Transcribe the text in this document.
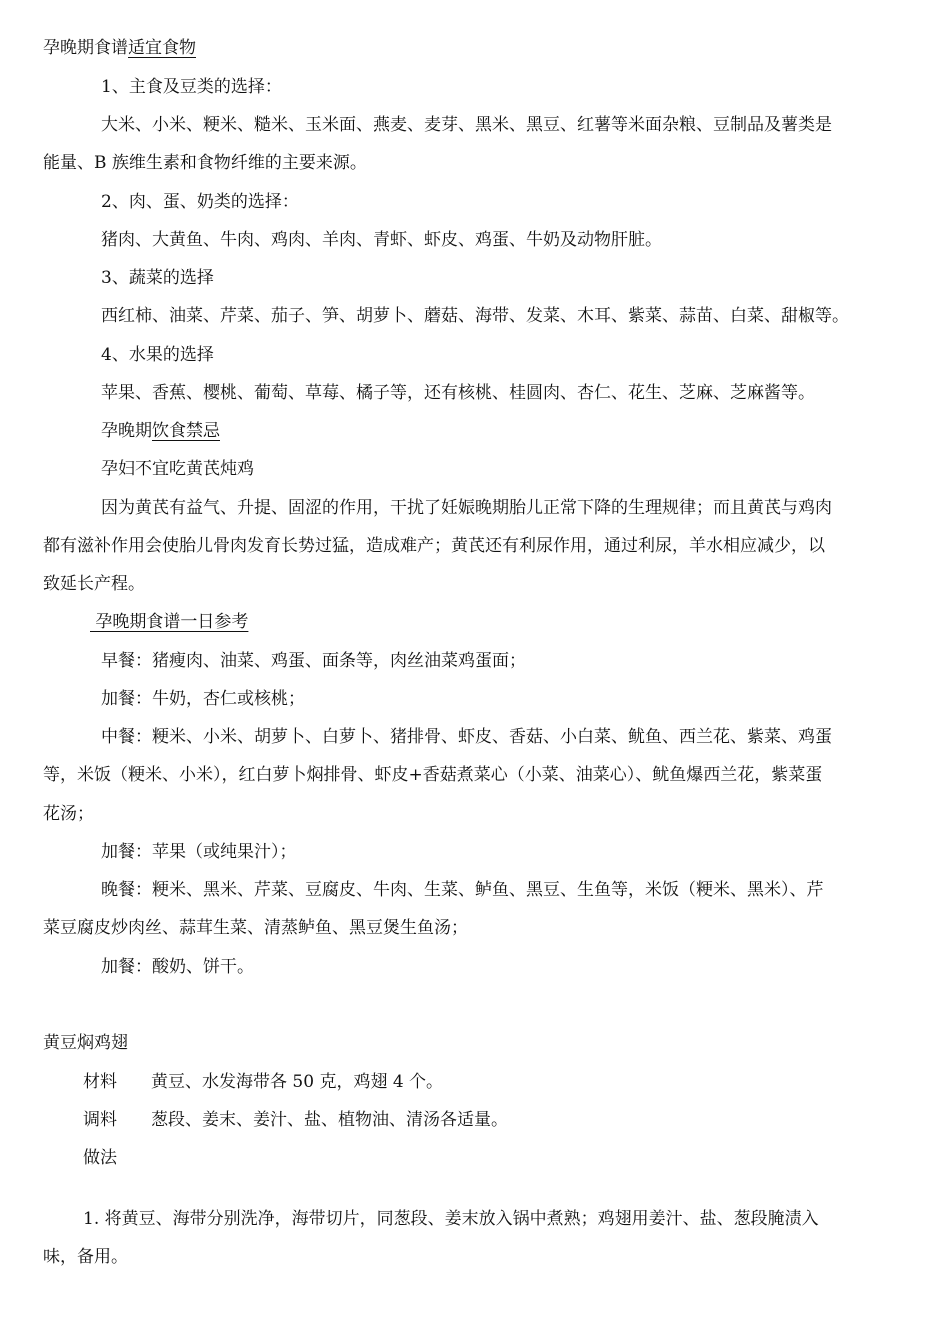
孕晚期食谱适宜食物
1、主食及豆类的选择：
大米、小米、粳米、糙米、玉米面、燕麦、麦芽、黑米、黑豆、红薯等米面杂粮、豆制品及薯类是
能量、B 族维生素和食物纤维的主要来源。
2、肉、蛋、奶类的选择：
猪肉、大黄鱼、牛肉、鸡肉、羊肉、青虾、虾皮、鸡蛋、牛奶及动物肝脏。
3、蔬菜的选择
西红柿、油菜、芹菜、茄子、笋、胡萝卜、蘑菇、海带、发菜、木耳、紫菜、蒜苗、白菜、甜椒等。
4、水果的选择
苹果、香蕉、樱桃、葡萄、草莓、橘子等，还有核桃、桂圆肉、杏仁、花生、芝麻、芝麻酱等。
孕晚期饮食禁忌
孕妇不宜吃黄芪炖鸡
因为黄芪有益气、升提、固涩的作用，干扰了妊娠晚期胎儿正常下降的生理规律；而且黄芪与鸡肉
都有滋补作用会使胎儿骨肉发育长势过猛，造成难产；黄芪还有利尿作用，通过利尿，羊水相应减少，以
致延长产程。
孕晚期食谱一日参考
早餐：猪瘦肉、油菜、鸡蛋、面条等，肉丝油菜鸡蛋面；
加餐：牛奶，杏仁或核桃；
中餐：粳米、小米、胡萝卜、白萝卜、猪排骨、虾皮、香菇、小白菜、鱿鱼、西兰花、紫菜、鸡蛋
等，米饭（粳米、小米），红白萝卜焖排骨、虾皮+香菇煮菜心（小菜、油菜心）、鱿鱼爆西兰花，紫菜蛋
花汤；
加餐：苹果（或纯果汁）；
晚餐：粳米、黑米、芹菜、豆腐皮、牛肉、生菜、鲈鱼、黑豆、生鱼等，米饭（粳米、黑米）、芹
菜豆腐皮炒肉丝、蒜茸生菜、清蒸鲈鱼、黑豆煲生鱼汤；
加餐：酸奶、饼干。
黄豆焖鸡翅
材料 黄豆、水发海带各 50 克，鸡翅 4 个。
调料 葱段、姜末、姜汁、盐、植物油、清汤各适量。
做法
1. 将黄豆、海带分别洗净，海带切片，同葱段、姜末放入锅中煮熟；鸡翅用姜汁、盐、葱段腌渍入
味，备用。
